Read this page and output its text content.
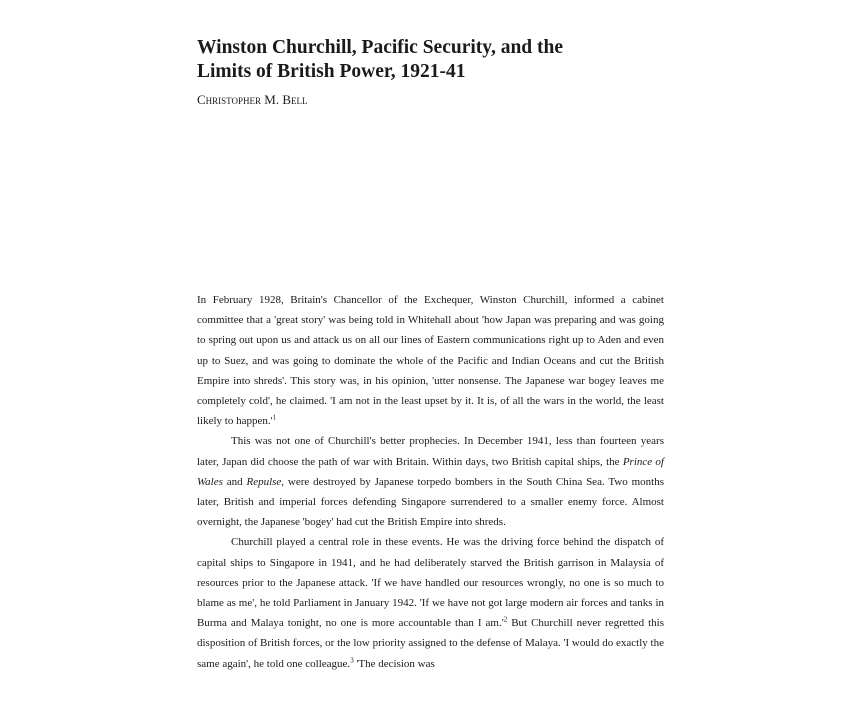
Winston Churchill, Pacific Security, and the
Limits of British Power, 1921-41
Christopher M. Bell

In February 1928, Britain's Chancellor of the Exchequer, Winston Churchill, informed a cabinet committee that a 'great story' was being told in Whitehall about 'how Japan was preparing and was going to spring out upon us and attack us on all our lines of Eastern communications right up to Aden and even up to Suez, and was going to dominate the whole of the Pacific and Indian Oceans and cut the British Empire into shreds'. This story was, in his opinion, 'utter nonsense. The Japanese war bogey leaves me completely cold', he claimed. 'I am not in the least upset by it. It is, of all the wars in the world, the least likely to $happen.'^1$

This was not one of Churchill's better prophecies. In December 1941, less than fourteen years later, Japan did choose the path of war with Britain. Within days, two British capital ships, the Prince of Wales and Repulse, were destroyed by Japanese torpedo bombers in the South China Sea. Two months later, British and imperial forces defending Singapore surrendered to a smaller enemy force. Almost overnight, the Japanese 'bogey' had cut the British Empire into shreds.

Churchill played a central role in these events. He was the driving force behind the dispatch of capital ships to Singapore in 1941, and he had deliberately starved the British garrison in Malaysia of resources prior to the Japanese attack. 'If we have handled our resources wrongly, no one is so much to blame as me', he told Parliament in January 1942. 'If we have not got large modern air forces and tanks in Burma and Malaya tonight, no one is more accountable than I $am.'^2$ But Churchill never regretted this disposition of British forces, or the low priority assigned to the defense of Malaya. 'I would do exactly the same again', he told one colleague.$^3$ 'The decision was
